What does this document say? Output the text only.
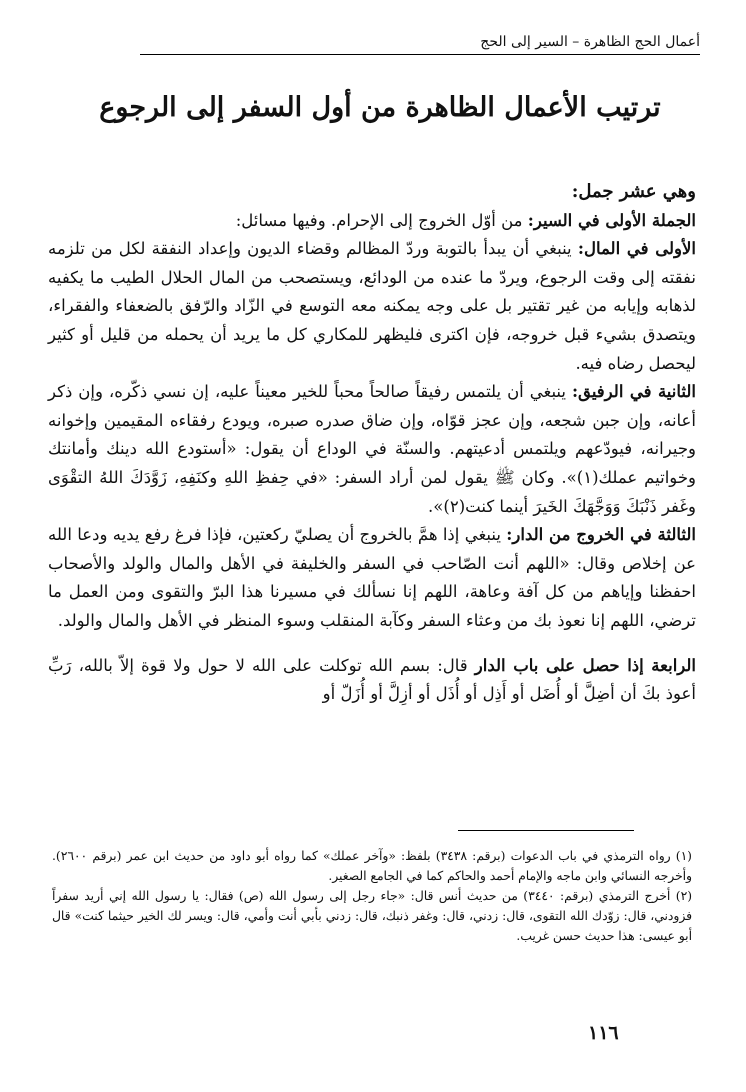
أعمال الحج الظاهرة – السير إلى الحج
ترتيب الأعمال الظاهرة من أول السفر إلى الرجوع

وهي عشر جمل:

الجملة الأولى في السير: من أوّل الخروج إلى الإحرام. وفيها مسائل:

الأولى في المال: ينبغي أن يبدأ بالتوبة وردّ المظالم وقضاء الديون وإعداد النفقة لكل من تلزمه نفقته إلى وقت الرجوع، ويردّ ما عنده من الودائع، ويستصحب من المال الحلال الطيب ما يكفيه لذهابه وإيابه من غير تقتير بل على وجه يمكنه معه التوسع في الزّاد والرّفق بالضعفاء والفقراء، ويتصدق بشيء قبل خروجه، فإن اكترى فليظهر للمكاري كل ما يريد أن يحمله من قليل أو كثير ليحصل رضاه فيه.

الثانية في الرفيق: ينبغي أن يلتمس رفيقاً صالحاً محباً للخير معيناً عليه، إن نسي ذكّره، وإن ذكر أعانه، وإن جبن شجعه، وإن عجز قوّاه، وإن ضاق صدره صبره، ويودع رفقاءه المقيمين وإخوانه وجيرانه، فيودّعهم ويلتمس أدعيتهم. والسنّة في الوداع أن يقول: «أستودع الله دينك وأمانتك وخواتيم عملك(١)». وكان ﷺ يقول لمن أراد السفر: «في حِفظِ اللهِ وكنَفِهِ، زَوَّدَكَ اللهُ التقْوَى وغَفر ذَنْبَكَ وَوَجَّهَكَ الخَيرَ أينما كنت(٢)».

الثالثة في الخروج من الدار: ينبغي إذا همَّ بالخروج أن يصليّ ركعتين، فإذا فرغ رفع يديه ودعا الله عن إخلاص وقال: «اللهم أنت الصّاحب في السفر والخليفة في الأهل والمال والولد والأصحاب احفظنا وإياهم من كل آفة وعاهة، اللهم إنا نسألك في مسيرنا هذا البرّ والتقوى ومن العمل ما ترضي، اللهم إنا نعوذ بك من وعثاء السفر وكآبة المنقلب وسوء المنظر في الأهل والمال والولد.

الرابعة إذا حصل على باب الدار قال: بسم الله توكلت على الله لا حول ولا قوة إلاّ بالله، رَبِّ أعوذ بكَ أن أضِلَّ أو أُضَل أو أَذِل أو أُذَل أو أزِلَّ أو أُزَلّ أو

(١) رواه الترمذي في باب الدعوات (برقم: ٣٤٣٨) بلفظ: «وآخر عملك» كما رواه أبو داود من حديث ابن عمر (برقم ٢٦٠٠). وأخرجه النسائي وابن ماجه والإمام أحمد والحاكم كما في الجامع الصغير.

(٢) أخرج الترمذي (برقم: ٣٤٤٠) من حديث أنس قال: «جاء رجل إلى رسول الله (ص) فقال: يا رسول الله إني أريد سفراً فزودني، قال: زوّدك الله التقوى، قال: زدني، قال: وغفر ذنبك، قال: زدني بأبي أنت وأمي، قال: ويسر لك الخير حيثما كنت» قال أبو عيسى: هذا حديث حسن غريب.

١١٦
